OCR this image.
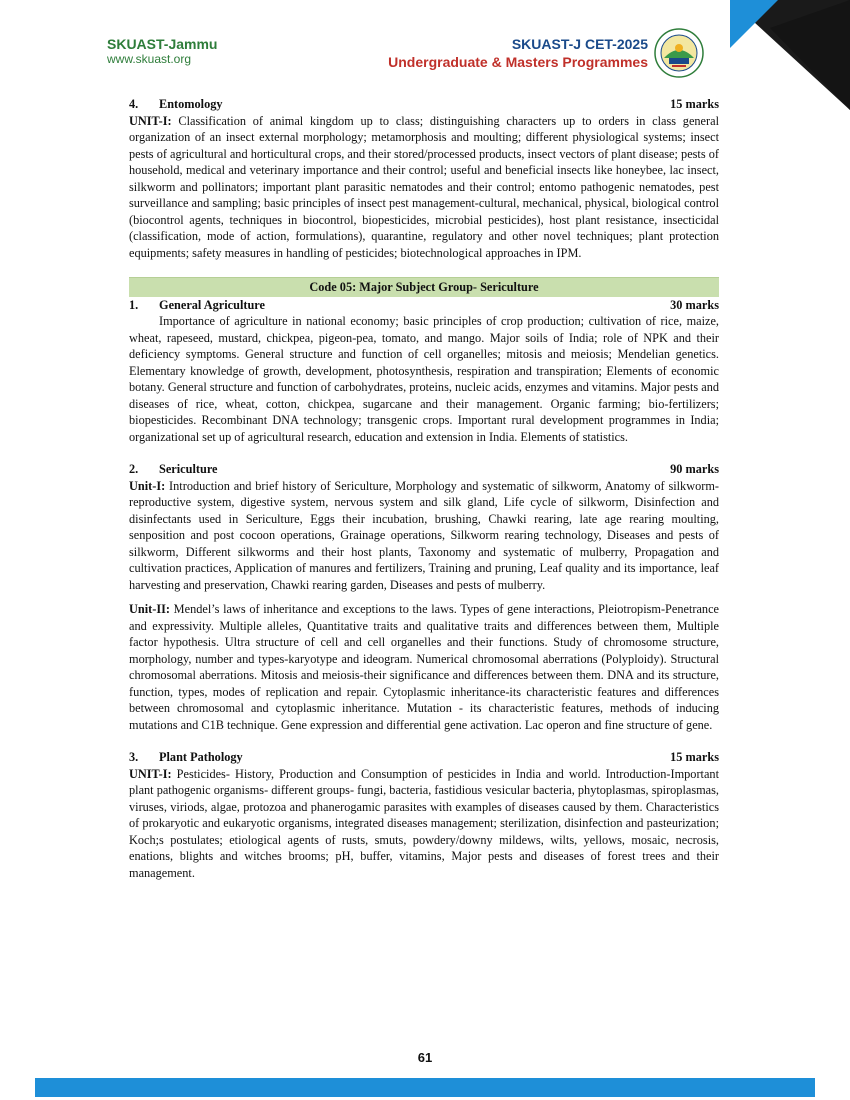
SKUAST-Jammu
www.skuast.org
SKUAST-J CET-2025
Undergraduate & Masters Programmes
4. Entomology	15 marks

UNIT-I: Classification of animal kingdom up to class; distinguishing characters up to orders in class general organization of an insect external morphology; metamorphosis and moulting; different physiological systems; insect pests of agricultural and horticultural crops, and their stored/processed products, insect vectors of plant disease; pests of household, medical and veterinary importance and their control; useful and beneficial insects like honeybee, lac insect, silkworm and pollinators; important plant parasitic nematodes and their control; entomo pathogenic nematodes, pest surveillance and sampling; basic principles of insect pest management-cultural, mechanical, physical, biological control (biocontrol agents, techniques in biocontrol, biopesticides, microbial pesticides), host plant resistance, insecticidal (classification, mode of action, formulations), quarantine, regulatory and other novel techniques; plant protection equipments; safety measures in handling of pesticides; biotechnological approaches in IPM.

Code 05: Major Subject Group- Sericulture

1. General Agriculture	30 marks

Importance of agriculture in national economy; basic principles of crop production; cultivation of rice, maize, wheat, rapeseed, mustard, chickpea, pigeon-pea, tomato, and mango. Major soils of India; role of NPK and their deficiency symptoms. General structure and function of cell organelles; mitosis and meiosis; Mendelian genetics. Elementary knowledge of growth, development, photosynthesis, respiration and transpiration; Elements of economic botany. General structure and function of carbohydrates, proteins, nucleic acids, enzymes and vitamins. Major pests and diseases of rice, wheat, cotton, chickpea, sugarcane and their management. Organic farming; bio-fertilizers; biopesticides. Recombinant DNA technology; transgenic crops. Important rural development programmes in India; organizational set up of agricultural research, education and extension in India. Elements of statistics.

2. Sericulture	90 marks

Unit-I: Introduction and brief history of Sericulture, Morphology and systematic of silkworm, Anatomy of silkworm- reproductive system, digestive system, nervous system and silk gland, Life cycle of silkworm, Disinfection and disinfectants used in Sericulture, Eggs their incubation, brushing, Chawki rearing, late age rearing moulting, senposition and post cocoon operations, Grainage operations, Silkworm rearing technology, Diseases and pests of silkworm, Different silkworms and their host plants, Taxonomy and systematic of mulberry, Propagation and cultivation practices, Application of manures and fertilizers, Training and pruning, Leaf quality and its importance, leaf harvesting and preservation, Chawki rearing garden, Diseases and pests of mulberry.

Unit-II: Mendel’s laws of inheritance and exceptions to the laws. Types of gene interactions, Pleiotropism-Penetrance and expressivity. Multiple alleles, Quantitative traits and qualitative traits and differences between them, Multiple factor hypothesis. Ultra structure of cell and cell organelles and their functions. Study of chromosome structure, morphology, number and types-karyotype and ideogram. Numerical chromosomal aberrations (Polyploidy). Structural chromosomal aberrations. Mitosis and meiosis-their significance and differences between them. DNA and its structure, function, types, modes of replication and repair. Cytoplasmic inheritance-its characteristic features and differences between chromosomal and cytoplasmic inheritance. Mutation - its characteristic features, methods of inducing mutations and C1B technique. Gene expression and differential gene activation. Lac operon and fine structure of gene.

3. Plant Pathology	15 marks

UNIT-I: Pesticides- History, Production and Consumption of pesticides in India and world. Introduction-Important plant pathogenic organisms- different groups- fungi, bacteria, fastidious vesicular bacteria, phytoplasmas, spiroplasmas, viruses, viriods, algae, protozoa and phanerogamic parasites with examples of diseases caused by them. Characteristics of prokaryotic and eukaryotic organisms, integrated diseases management; sterilization, disinfection and pasteurization; Koch;s postulates; etiological agents of rusts, smuts, powdery/downy mildews, wilts, yellows, mosaic, necrosis, enations, blights and witches brooms; pH, buffer, vitamins, Major pests and diseases of forest trees and their management.

61
